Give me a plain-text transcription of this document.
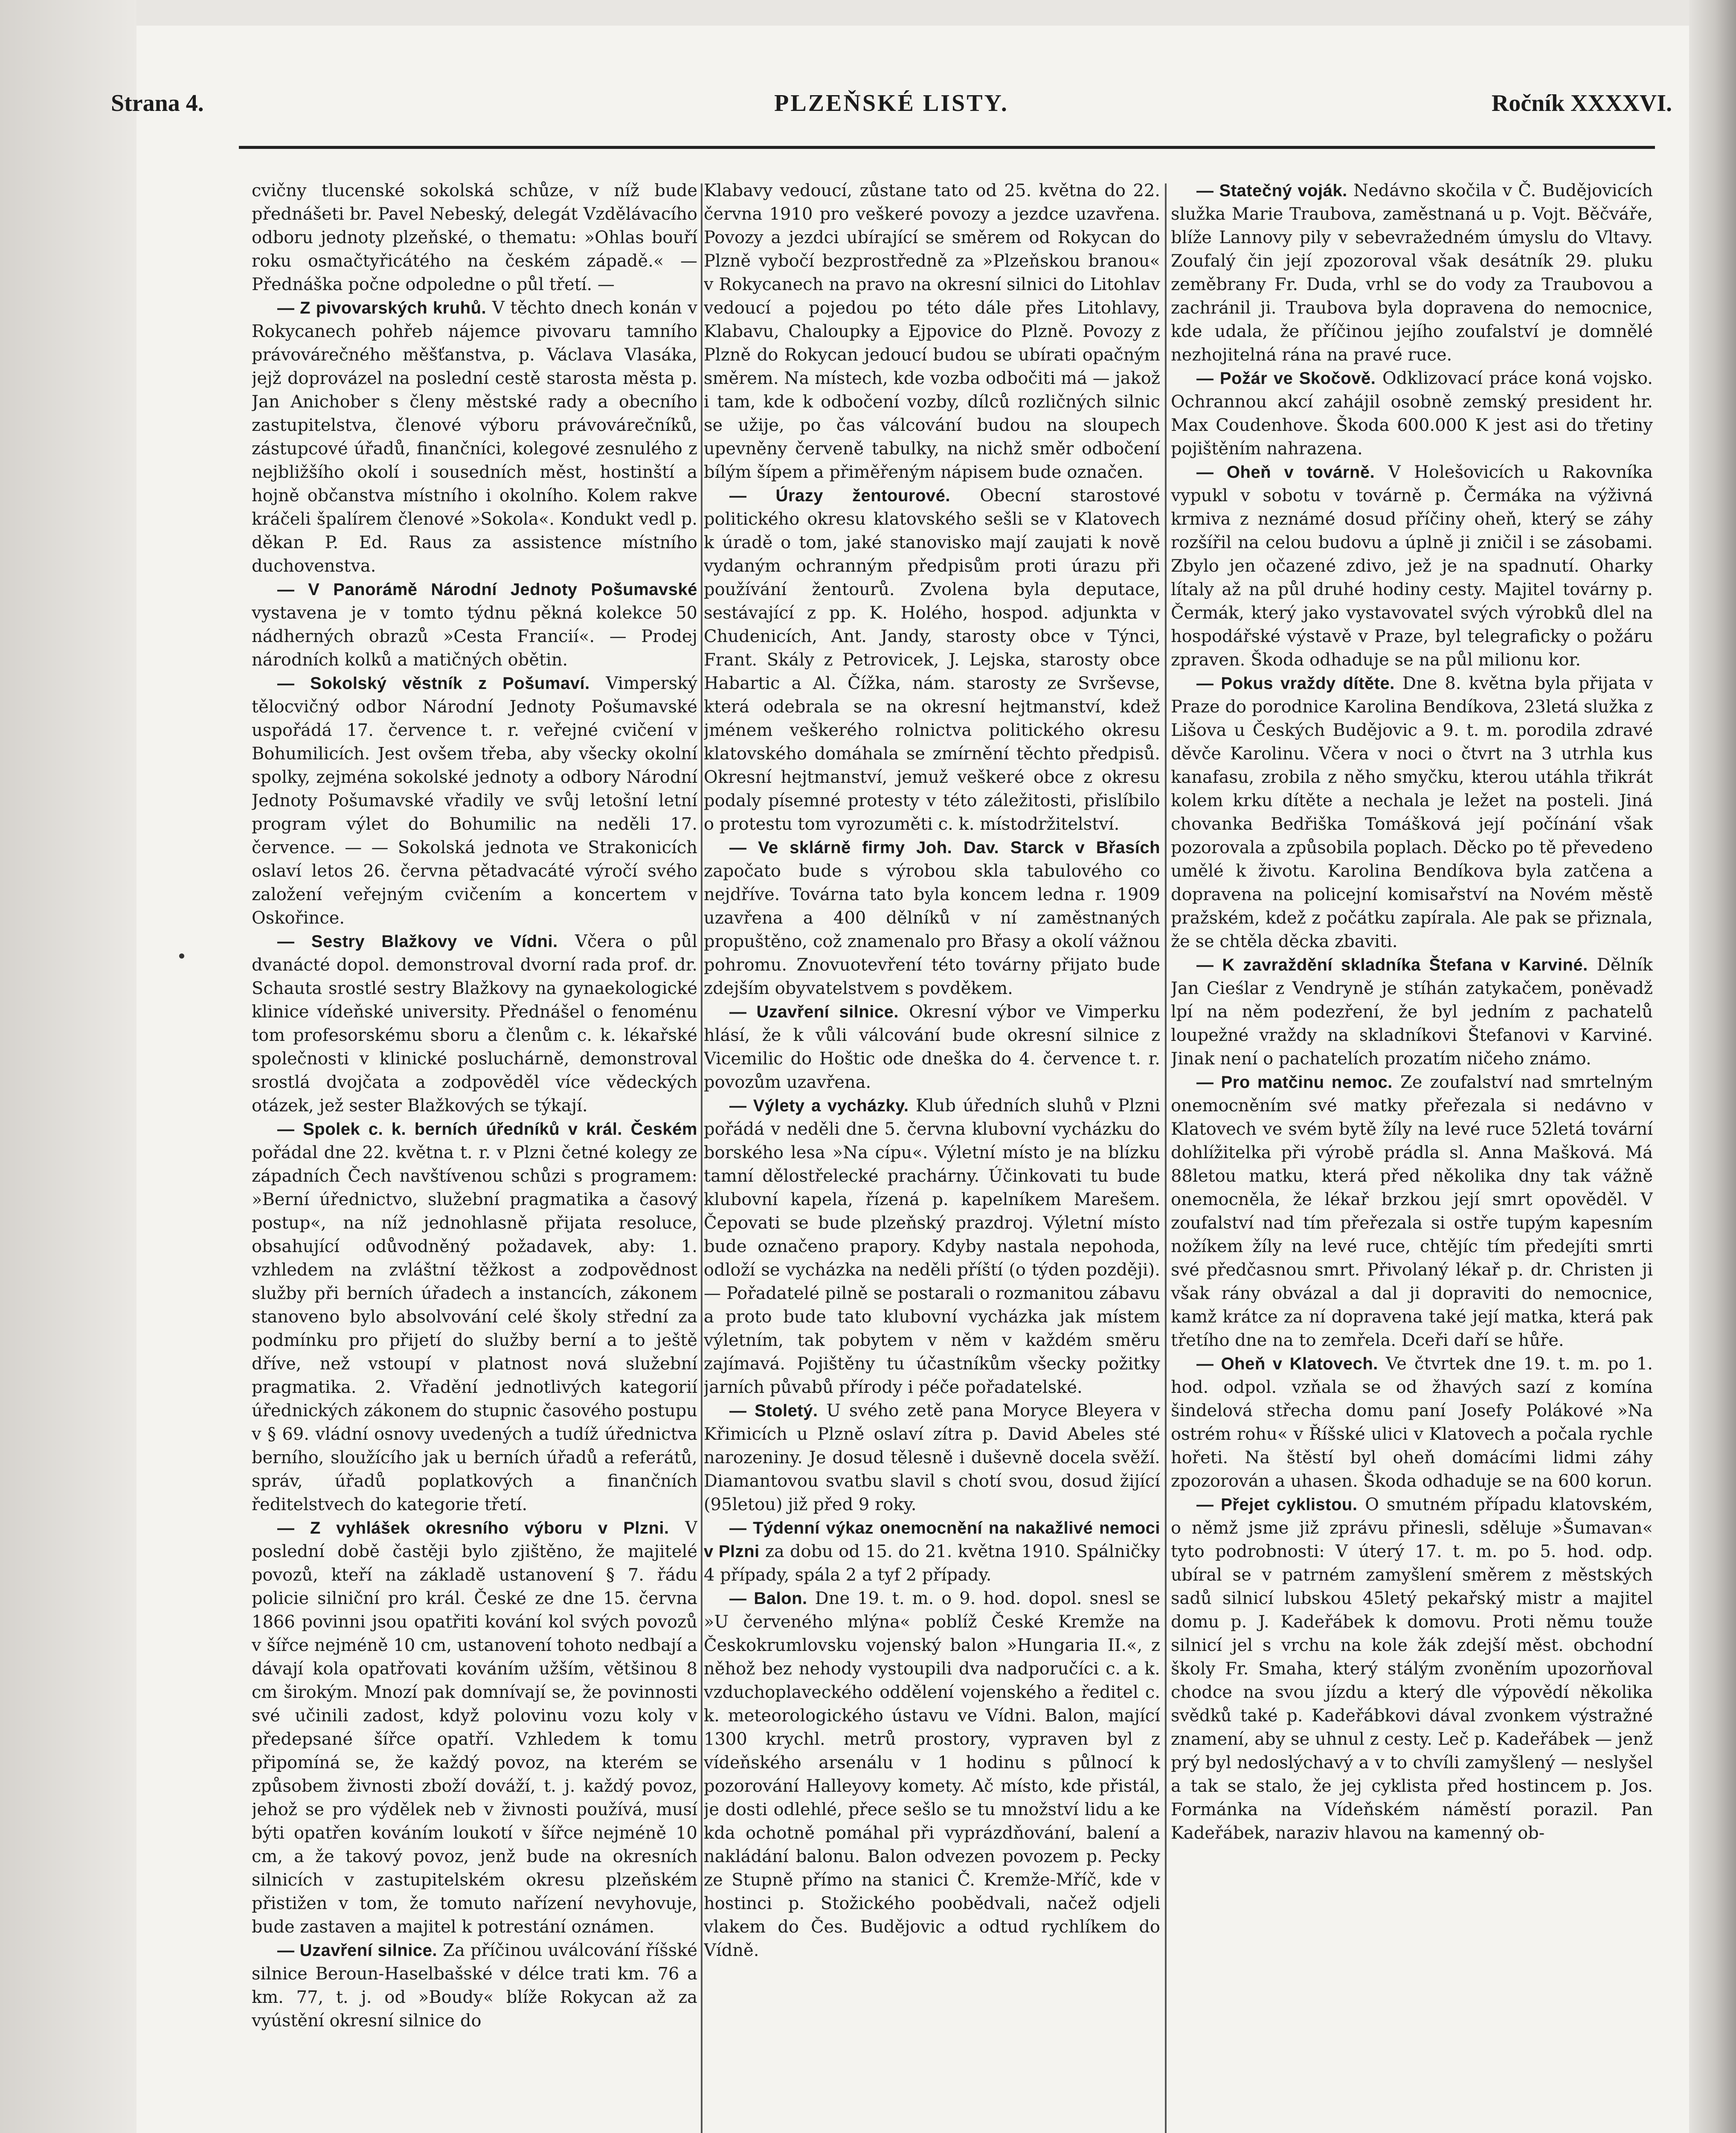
Strana 4.	PLZEŇSKÉ LISTY.	Ročník XXXXVI.

cvičny tlucenské sokolská schůze, v níž bude přednášeti br. Pavel Nebeský, delegát Vzdělávacího odboru jednoty plzeňské, o thematu: »Ohlas bouří roku osmačtyřicátého na českém západě.« — Přednáška počne odpoledne o půl třetí. —

— Z pivovarských kruhů. V těchto dnech konán v Rokycanech pohřeb nájemce pivovaru tamního právovárečného měšťanstva, p. Václava Vlasáka, jejž doprovázel na poslední cestě starosta města p. Jan Anichober s členy městské rady a obecního zastupitelstva, členové výboru právovárečníků, zástupcové úřadů, finančníci, kolegové zesnulého z nejbližšího okolí i sousedních měst, hostinští a hojně občanstva místního i okolního. Kolem rakve kráčeli špalírem členové »Sokola«. Kondukt vedl p. děkan P. Ed. Raus za assistence místního duchovenstva.

— V Panorámě Národní Jednoty Pošumavské vystavena je v tomto týdnu pěkná kolekce 50 nádherných obrazů »Cesta Francií«. — Prodej národních kolků a matičných obětin.

— Sokolský věstník z Pošumaví. Vimperský tělocvičný odbor Národní Jednoty Pošumavské uspořádá 17. července t. r. veřejné cvičení v Bohumilicích. Jest ovšem třeba, aby všecky okolní spolky, zejména sokolské jednoty a odbory Národní Jednoty Pošumavské vřadily ve svůj letošní letní program výlet do Bohumilic na neděli 17. července. — — Sokolská jednota ve Strakonicích oslaví letos 26. června pětadvacáté výročí svého založení veřejným cvičením a koncertem v Oskořince.

— Sestry Blažkovy ve Vídni. Včera o půl dvanácté dopol. demonstroval dvorní rada prof. dr. Schauta srostlé sestry Blažkovy na gynaekologické klinice vídeňské university. Přednášel o fenoménu tom profesorskému sboru a členům c. k. lékařské společnosti v klinické posluchárně, demonstroval srostlá dvojčata a zodpověděl více vědeckých otázek, jež sester Blažkových se týkají.

— Spolek c. k. berních úředníků v král. Českém pořádal dne 22. května t. r. v Plzni četné kolegy ze západních Čech navštívenou schůzi s programem: »Berní úřednictvo, služební pragmatika a časový postup«, na níž jednohlasně přijata resoluce, obsahující odůvodněný požadavek, aby: 1. vzhledem na zvláštní těžkost a zodpovědnost služby při berních úřadech a instancích, zákonem stanoveno bylo absolvování celé školy střední za podmínku pro přijetí do služby berní a to ještě dříve, než vstoupí v platnost nová služební pragmatika. 2. Vřadění jednotlivých kategorií úřednických zákonem do stupnic časového postupu v § 69. vládní osnovy uvedených a tudíž úřednictva berního, sloužícího jak u berních úřadů a referátů, správ, úřadů poplatkových a finančních ředitelstvech do kategorie třetí.

— Z vyhlášek okresního výboru v Plzni. V poslední době častěji bylo zjištěno, že majitelé povozů, kteří na základě ustanovení § 7. řádu policie silniční pro král. České ze dne 15. června 1866 povinni jsou opatřiti kování kol svých povozů v šířce nejméně 10 cm, ustanovení tohoto nedbají a dávají kola opatřovati kováním užším, většinou 8 cm širokým. Mnozí pak domnívají se, že povinnosti své učinili zadost, když polovinu vozu koly v předepsané šířce opatří. Vzhledem k tomu připomíná se, že každý povoz, na kterém se způsobem živnosti zboží dováží, t. j. každý povoz, jehož se pro výdělek neb v živnosti používá, musí býti opatřen kováním loukotí v šířce nejméně 10 cm, a že takový povoz, jenž bude na okresních silnicích v zastupitelském okresu plzeňském přistižen v tom, že tomuto nařízení nevyhovuje, bude zastaven a majitel k potrestání oznámen.

— Uzavření silnice. Za příčinou uválcování říšské silnice Beroun-Haselbašské v délce trati km. 76 a km. 77, t. j. od »Boudy« blíže Rokycan až za vyústění okresní silnice do

Klabavy vedoucí, zůstane tato od 25. května do 22. června 1910 pro veškeré povozy a jezdce uzavřena. Povozy a jezdci ubírající se směrem od Rokycan do Plzně vybočí bezprostředně za »Plzeňskou branou« v Rokycanech na pravo na okresní silnici do Litohlav vedoucí a pojedou po této dále přes Litohlavy, Klabavu, Chaloupky a Ejpovice do Plzně. Povozy z Plzně do Rokycan jedoucí budou se ubírati opačným směrem. Na místech, kde vozba odbočiti má — jakož i tam, kde k odbočení vozby, dílců rozličných silnic se užije, po čas válcování budou na sloupech upevněny červeně tabulky, na nichž směr odbočení bílým šípem a přiměřeným nápisem bude označen.

— Úrazy žentourové. Obecní starostové politického okresu klatovského sešli se v Klatovech k úradě o tom, jaké stanovisko mají zaujati k nově vydaným ochranným předpisům proti úrazu při používání žentourů. Zvolena byla deputace, sestávající z pp. K. Holého, hospod. adjunkta v Chudenicích, Ant. Jandy, starosty obce v Týnci, Frant. Skály z Petrovicek, J. Lejska, starosty obce Habartic a Al. Čížka, nám. starosty ze Svrševse, která odebrala se na okresní hejtmanství, kdež jménem veškerého rolnictva politického okresu klatovského domáhala se zmírnění těchto předpisů. Okresní hejtmanství, jemuž veškeré obce z okresu podaly písemné protesty v této záležitosti, přislíbilo o protestu tom vyrozuměti c. k. místodržitelství.

— Ve sklárně firmy Joh. Dav. Starck v Břasích započato bude s výrobou skla tabulového co nejdříve. Továrna tato byla koncem ledna r. 1909 uzavřena a 400 dělníků v ní zaměstnaných propuštěno, což znamenalo pro Břasy a okolí vážnou pohromu. Znovuotevření této továrny přijato bude zdejším obyvatelstvem s povděkem.

— Uzavření silnice. Okresní výbor ve Vimperku hlásí, že k vůli válcování bude okresní silnice z Vicemilic do Hoštic ode dneška do 4. července t. r. povozům uzavřena.

— Výlety a vycházky. Klub úředních sluhů v Plzni pořádá v neděli dne 5. června klubovní vycházku do borského lesa »Na cípu«. Výletní místo je na blízku tamní dělostřelecké prachárny. Účinkovati tu bude klubovní kapela, řízená p. kapelníkem Marešem. Čepovati se bude plzeňský prazdroj. Výletní místo bude označeno prapory. Kdyby nastala nepohoda, odloží se vycházka na neděli příští (o týden později). — Pořadatelé pilně se postarali o rozmanitou zábavu a proto bude tato klubovní vycházka jak místem výletním, tak pobytem v něm v každém směru zajímavá. Pojištěny tu účastníkům všecky požitky jarních půvabů přírody i péče pořadatelské.

— Stoletý. U svého zetě pana Moryce Bleyera v Křimicích u Plzně oslaví zítra p. David Abeles sté narozeniny. Je dosud tělesně i duševně docela svěží. Diamantovou svatbu slavil s chotí svou, dosud žijící (95letou) již před 9 roky.

— Týdenní výkaz onemocnění na nakažlivé nemoci v Plzni za dobu od 15. do 21. května 1910. Spálničky 4 případy, spála 2 a tyf 2 případy.

— Balon. Dne 19. t. m. o 9. hod. dopol. snesl se »U červeného mlýna« poblíž České Kremže na Českokrumlovsku vojenský balon »Hungaria II.«, z něhož bez nehody vystoupili dva nadporučíci c. a k. vzduchoplaveckého oddělení vojenského a ředitel c. k. meteorologického ústavu ve Vídni. Balon, mající 1300 krychl. metrů prostory, vypraven byl z vídeňského arsenálu v 1 hodinu s půlnocí k pozorování Halleyovy komety. Ač místo, kde přistál, je dosti odlehlé, přece sešlo se tu množství lidu a ke kda ochotně pomáhal při vyprázdňování, balení a nakládání balonu. Balon odvezen povozem p. Pecky ze Stupně přímo na stanici Č. Kremže-Mříč, kde v hostinci p. Stožického poobědvali, načež odjeli vlakem do Čes. Budějovic a odtud rychlíkem do Vídně.

— Statečný voják. Nedávno skočila v Č. Budějovicích služka Marie Traubova, zaměstnaná u p. Vojt. Běčváře, blíže Lannovy pily v sebevražedném úmyslu do Vltavy. Zoufalý čin její zpozoroval však desátník 29. pluku zeměbrany Fr. Duda, vrhl se do vody za Traubovou a zachránil ji. Traubova byla dopravena do nemocnice, kde udala, že příčinou jejího zoufalství je domnělé nezhojitelná rána na pravé ruce.

— Požár ve Skočově. Odklizovací práce koná vojsko. Ochrannou akcí zahájil osobně zemský president hr. Max Coudenhove. Škoda 600.000 K jest asi do třetiny pojištěním nahrazena.

— Oheň v továrně. V Holešovicích u Rakovníka vypukl v sobotu v továrně p. Čermáka na výživná krmiva z neznámé dosud příčiny oheň, který se záhy rozšířil na celou budovu a úplně ji zničil i se zásobami. Zbylo jen očazené zdivo, jež je na spadnutí. Oharky lítaly až na půl druhé hodiny cesty. Majitel továrny p. Čermák, který jako vystavovatel svých výrobků dlel na hospodářské výstavě v Praze, byl telegraficky o požáru zpraven. Škoda odhaduje se na půl milionu kor.

— Pokus vraždy dítěte. Dne 8. května byla přijata v Praze do porodnice Karolina Bendíkova, 23letá služka z Lišova u Českých Budějovic a 9. t. m. porodila zdravé děvče Karolinu. Včera v noci o čtvrt na 3 utrhla kus kanafasu, zrobila z něho smyčku, kterou utáhla třikrát kolem krku dítěte a nechala je ležet na posteli. Jiná chovanka Bedřiška Tomášková její počínání však pozorovala a způsobila poplach. Děcko po tě převedeno umělé k životu. Karolina Bendíkova byla zatčena a dopravena na policejní komisařství na Novém městě pražském, kdež z počátku zapírala. Ale pak se přiznala, že se chtěla děcka zbaviti.

— K zavraždění skladníka Štefana v Karviné. Dělník Jan Cieślar z Vendryně je stíhán zatykačem, poněvadž lpí na něm podezření, že byl jedním z pachatelů loupežné vraždy na skladníkovi Štefanovi v Karviné. Jinak není o pachatelích prozatím ničeho známo.

— Pro matčinu nemoc. Ze zoufalství nad smrtelným onemocněním své matky přeřezala si nedávno v Klatovech ve svém bytě žíly na levé ruce 52letá tovární dohlížitelka při výrobě prádla sl. Anna Mašková. Má 88letou matku, která před několika dny tak vážně onemocněla, že lékař brzkou její smrt opověděl. V zoufalství nad tím přeřezala si ostře tupým kapesním nožíkem žíly na levé ruce, chtějíc tím předejíti smrti své předčasnou smrt. Přivolaný lékař p. dr. Christen ji však rány obvázal a dal ji dopraviti do nemocnice, kamž krátce za ní dopravena také její matka, která pak třetího dne na to zemřela. Dceři daří se hůře.

— Oheň v Klatovech. Ve čtvrtek dne 19. t. m. po 1. hod. odpol. vzňala se od žhavých sazí z komína šindelová střecha domu paní Josefy Polákové »Na ostrém rohu« v Říšské ulici v Klatovech a počala rychle hořeti. Na štěstí byl oheň domácími lidmi záhy zpozorován a uhasen. Škoda odhaduje se na 600 korun.

— Přejet cyklistou. O smutném případu klatovském, o němž jsme již zprávu přinesli, sděluje »Šumavan« tyto podrobnosti: V úterý 17. t. m. po 5. hod. odp. ubíral se v patrném zamyšlení směrem z městských sadů silnicí lubskou 45letý pekařský mistr a majitel domu p. J. Kadeřábek k domovu. Proti němu touže silnicí jel s vrchu na kole žák zdejší měst. obchodní školy Fr. Smaha, který stálým zvoněním upozorňoval chodce na svou jízdu a který dle výpovědí několika svědků také p. Kadeřábkovi dával zvonkem výstražné znamení, aby se uhnul z cesty. Leč p. Kadeřábek — jenž prý byl nedoslýchavý a v to chvíli zamyšlený — neslyšel a tak se stalo, že jej cyklista před hostincem p. Jos. Formánka na Vídeňském náměstí porazil. Pan Kadeřábek, naraziv hlavou na kamenný ob-
